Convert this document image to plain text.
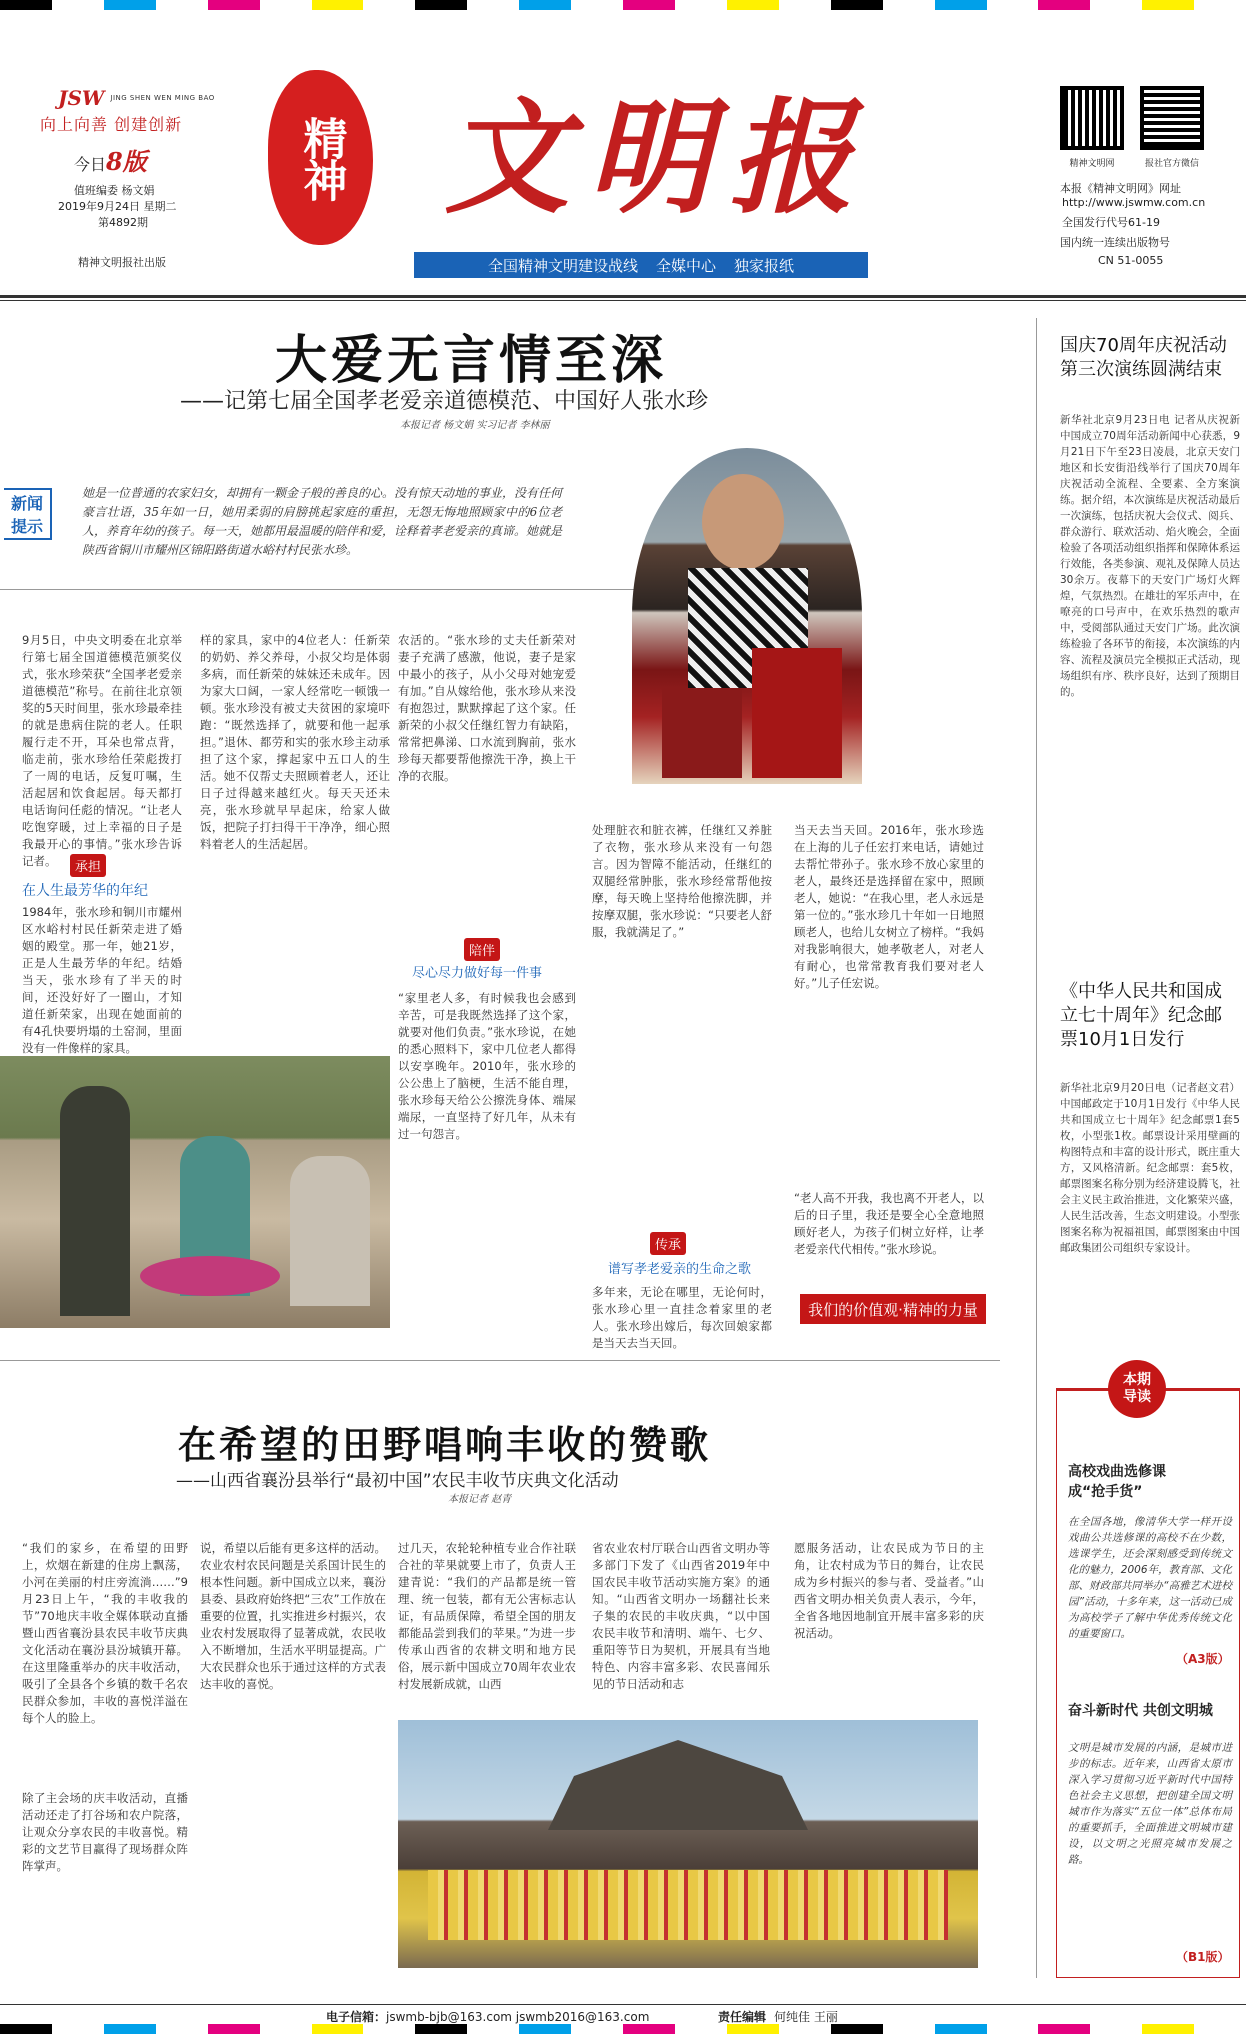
JSW JING SHEN WEN MING BAO
向上向善 创建创新
今日8版
值班编委 杨文娟
2019年9月24日 星期二
第4892期
精神文明报社出版
精神 文明报
全国精神文明建设战线 全媒中心 独家报纸
精神文明网	报社官方微信
本报《精神文明网》网址
http://www.jswmw.com.cn
全国发行代号61-19
国内统一连续出版物号
CN 51-0055
大爱无言情至深
——记第七届全国孝老爱亲道德模范、中国好人张水珍
本报记者 杨文娟 实习记者 李林丽
新闻
提示
她是一位普通的农家妇女，却拥有一颗金子般的善良的心。没有惊天动地的事业，没有任何豪言壮语，35年如一日，她用柔弱的肩膀挑起家庭的重担，无怨无悔地照顾家中的6位老人，养育年幼的孩子。每一天，她都用最温暖的陪伴和爱，诠释着孝老爱亲的真谛。她就是陕西省铜川市耀州区锦阳路街道水峪村村民张水珍。
9月5日，中央文明委在北京举行第七届全国道德模范颁奖仪式，张水珍荣获“全国孝老爱亲道德模范”称号。在前往北京领奖的5天时间里，张水珍最牵挂的就是患病住院的老人。任职履行走不开，耳朵也常点背，临走前，张水珍给任荣彪拨打了一周的电话，反复叮嘱，生活起居和饮食起居。每天都打电话询问任彪的情况。“让老人吃饱穿暖，过上幸福的日子是我最开心的事情。”张水珍告诉记者。	承担
在人生最芳华的年纪
1984年，张水珍和铜川市耀州区水峪村村民任新荣走进了婚姻的殿堂。那一年，她21岁，正是人生最芳华的年纪。结婚当天，张水珍有了半天的时间，还没好好了一圈山，才知道任新荣家，出现在她面前的有4孔快要坍塌的土窑洞，里面没有一件像样的家具。
样的家具，家中的4位老人：任新荣的奶奶、养父养母，小叔父均是体弱多病，而任新荣的妹妹还未成年。因为家大口阔，一家人经常吃一顿饿一顿。张水珍没有被丈夫贫困的家境吓跑：“既然选择了，就要和他一起承担。”退休、都劳和实的张水珍主动承担了这个家，撑起家中五口人的生活。她不仅帮丈夫照顾着老人，还让日子过得越来越红火。每天天还未亮，张水珍就早早起床，给家人做饭，把院子打扫得干干净净，细心照料着老人的生活起居。
农活的。“张水珍的丈夫任新荣对妻子充满了感激，他说，妻子是家中最小的孩子，从小父母对她宠爱有加。”自从嫁给他，张水珍从来没有抱怨过，默默撑起了这个家。任新荣的小叔父任继红智力有缺陷，常常把鼻涕、口水流到胸前，张水珍每天都要帮他擦洗干净，换上干净的衣服。
陪伴
尽心尽力做好每一件事
“家里老人多，有时候我也会感到辛苦，可是我既然选择了这个家，就要对他们负责。”张水珍说，在她的悉心照料下，家中几位老人都得以安享晚年。2010年，张水珍的公公患上了脑梗，生活不能自理，张水珍每天给公公擦洗身体、端屎端尿，一直坚持了好几年，从未有过一句怨言。
处理脏衣和脏衣裤，任继红又养脏了衣物，张水珍从来没有一句怨言。因为智障不能活动，任继红的双腿经常肿胀，张水珍经常帮他按摩，每天晚上坚持给他擦洗脚，并按摩双腿，张水珍说：“只要老人舒服，我就满足了。”
传承
谱写孝老爱亲的生命之歌
多年来，无论在哪里，无论何时，张水珍心里一直挂念着家里的老人。张水珍出嫁后，每次回娘家都是当天去当天回。
当天去当天回。2016年，张水珍选在上海的儿子任宏打来电话，请她过去帮忙带孙子。张水珍不放心家里的老人，最终还是选择留在家中，照顾老人，她说：“在我心里，老人永远是第一位的。”张水珍几十年如一日地照顾老人，也给儿女树立了榜样。“我妈对我影响很大，她孝敬老人，对老人有耐心，也常常教育我们要对老人好。”儿子任宏说。
“老人高不开我，我也离不开老人，以后的日子里，我还是要全心全意地照顾好老人，为孩子们树立好样，让孝老爱亲代代相传。”张水珍说。
我们的价值观·精神的力量
在希望的田野唱响丰收的赞歌
——山西省襄汾县举行“最初中国”农民丰收节庆典文化活动
本报记者 赵青
“我们的家乡，在希望的田野上，炊烟在新建的住房上飘荡，小河在美丽的村庄旁流淌……”9月23日上午，“我的丰收我的节”70地庆丰收全媒体联动直播暨山西省襄汾县农民丰收节庆典文化活动在襄汾县汾城镇开幕。在这里隆重举办的庆丰收活动，吸引了全县各个乡镇的数千名农民群众参加，丰收的喜悦洋溢在每个人的脸上。
除了主会场的庆丰收活动，直播活动还走了打谷场和农户院落，让观众分享农民的丰收喜悦。精彩的文艺节目赢得了现场群众阵阵掌声。
说，希望以后能有更多这样的活动。农业农村农民问题是关系国计民生的根本性问题。新中国成立以来，襄汾县委、县政府始终把“三农”工作放在重要的位置，扎实推进乡村振兴，农业农村发展取得了显著成就，农民收入不断增加，生活水平明显提高。广大农民群众也乐于通过这样的方式表达丰收的喜悦。
过几天，农轮轮种植专业合作社联合社的苹果就要上市了，负责人王建青说：“我们的产品都是统一管理、统一包装，都有无公害标志认证，有品质保障，希望全国的朋友都能品尝到我们的苹果。”为进一步传承山西省的农耕文明和地方民俗，展示新中国成立70周年农业农村发展新成就，山西
省农业农村厅联合山西省文明办等多部门下发了《山西省2019年中国农民丰收节活动实施方案》的通知。“山西省文明办一场翻社长来子集的农民的丰收庆典，“以中国农民丰收节和清明、端午、七夕、重阳等节日为契机，开展具有当地特色、内容丰富多彩、农民喜闻乐见的节日活动和志
愿服务活动，让农民成为节日的主角，让农村成为节日的舞台，让农民成为乡村振兴的参与者、受益者。”山西省文明办相关负责人表示，今年，全省各地因地制宜开展丰富多彩的庆祝活动。
国庆70周年庆祝活动第三次演练圆满结束
新华社北京9月23日电 记者从庆祝新中国成立70周年活动新闻中心获悉，9月21日下午至23日凌晨，北京天安门地区和长安街沿线举行了国庆70周年庆祝活动全流程、全要素、全方案演练。据介绍，本次演练是庆祝活动最后一次演练，包括庆祝大会仪式、阅兵、群众游行、联欢活动、焰火晚会，全面检验了各项活动组织指挥和保障体系运行效能，各类参演、观礼及保障人员达30余万。夜幕下的天安门广场灯火辉煌，气氛热烈。在雄壮的军乐声中，在嘹亮的口号声中，在欢乐热烈的歌声中，受阅部队通过天安门广场。此次演练检验了各环节的衔接，本次演练的内容、流程及演员完全模拟正式活动，现场组织有序、秩序良好，达到了预期目的。
《中华人民共和国成立七十周年》纪念邮票10月1日发行
新华社北京9月20日电（记者赵文君）中国邮政定于10月1日发行《中华人民共和国成立七十周年》纪念邮票1套5枚，小型张1枚。邮票设计采用壁画的构图特点和丰富的设计形式，既庄重大方，又风格清新。纪念邮票：套5枚，邮票图案名称分别为经济建设腾飞，社会主义民主政治推进，文化繁荣兴盛，人民生活改善，生态文明建设。小型张图案名称为祝福祖国，邮票图案由中国邮政集团公司组织专家设计。
本期
导读
高校戏曲选修课成“抢手货”
在全国各地，像清华大学一样开设戏曲公共选修课的高校不在少数，选课学生，还会深刻感受到传统文化的魅力，2006年，教育部、文化部、财政部共同举办“高雅艺术进校园”活动，十多年来，这一活动已成为高校学子了解中华优秀传统文化的重要窗口。
（A3版）
奋斗新时代 共创文明城
文明是城市发展的内涵，是城市进步的标志。近年来，山西省太原市深入学习贯彻习近平新时代中国特色社会主义思想，把创建全国文明城市作为落实“五位一体”总体布局的重要抓手，全面推进文明城市建设，以文明之光照亮城市发展之路。
（B1版）
电子信箱：jswmb-bjb@163.com jswmb2016@163.com	责任编辑 何纯佳 王丽
